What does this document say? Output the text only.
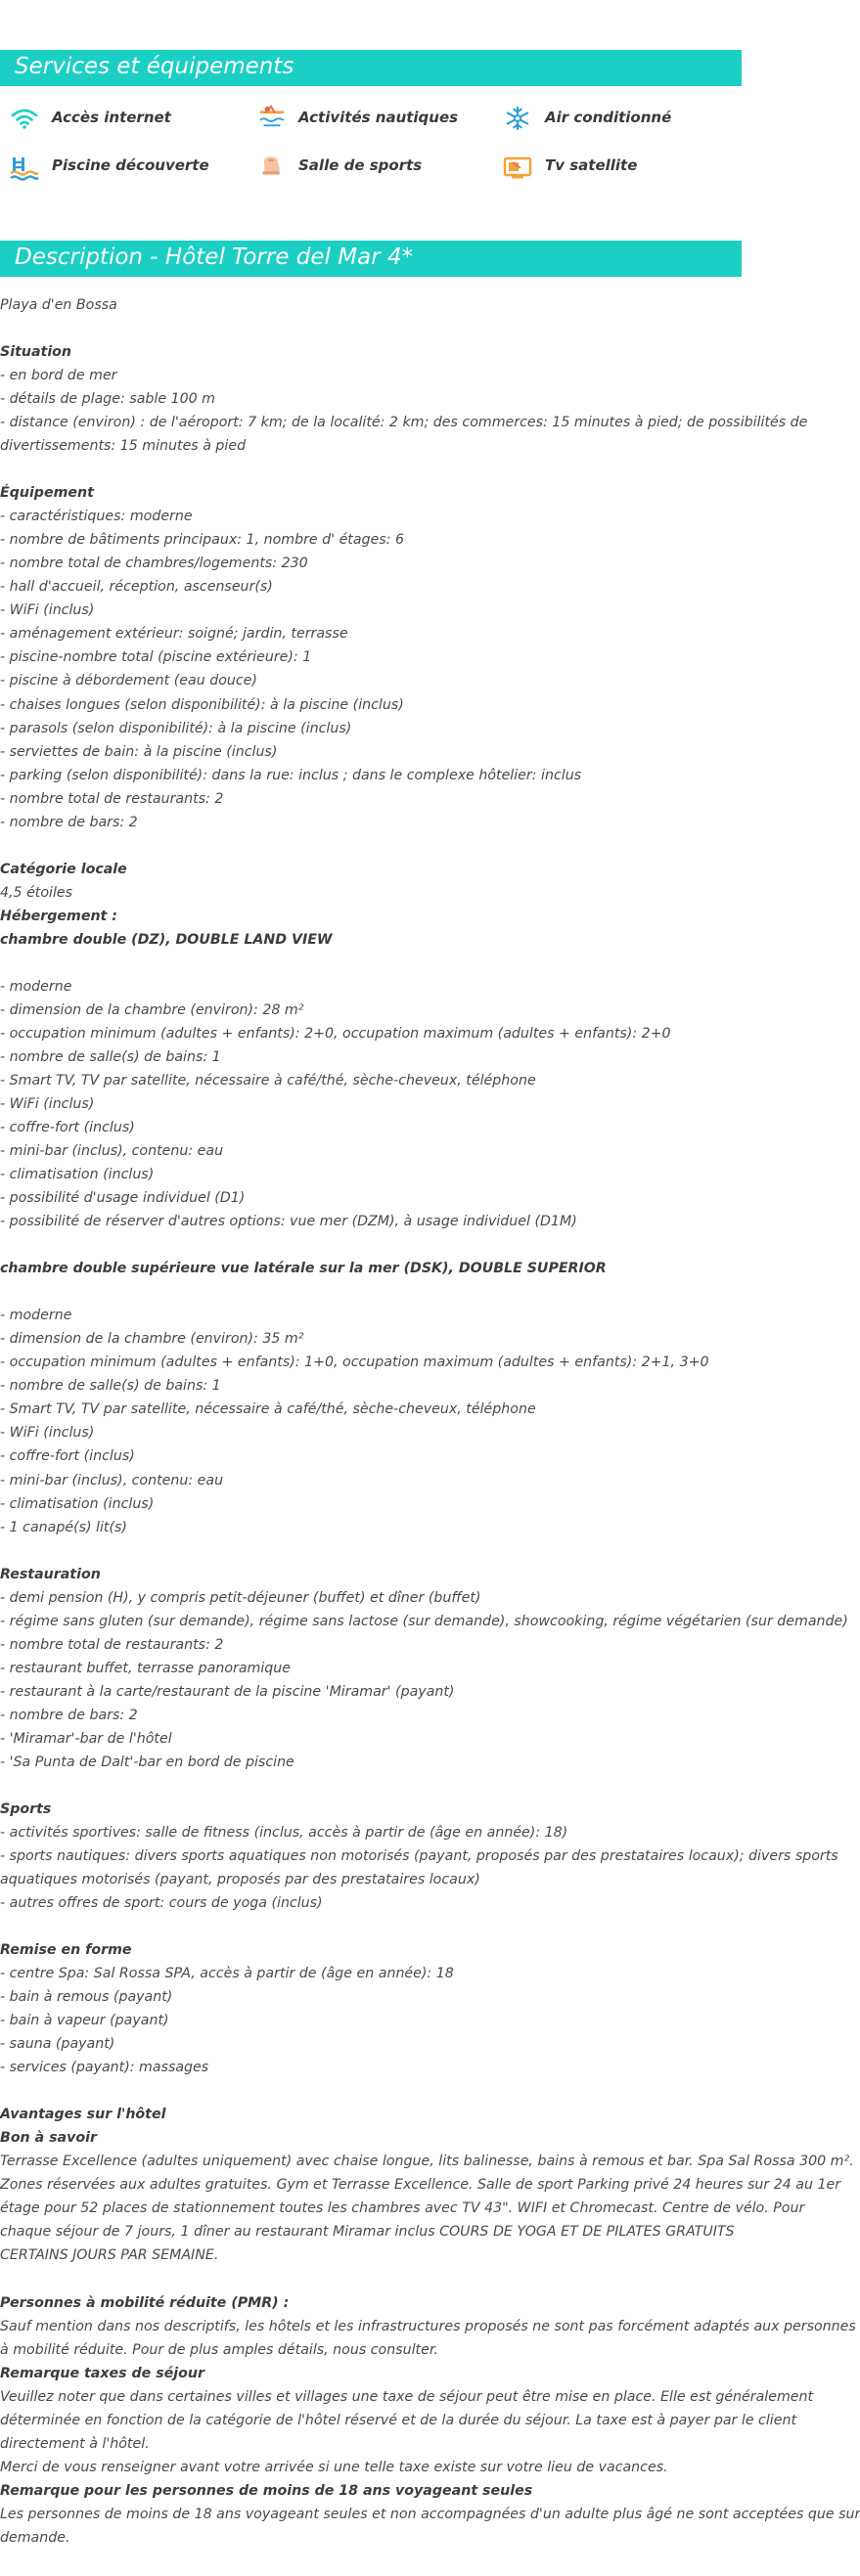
Services et équipements
Accès internet	Activités nautiques	Air conditionné
Piscine découverte	Salle de sports	Tv satellite
Description - Hôtel Torre del Mar 4*
Playa d'en Bossa
Situation
- en bord de mer
- détails de plage: sable 100 m
- distance (environ) : de l'aéroport: 7 km; de la localité: 2 km; des commerces: 15 minutes à pied; de possibilités de
divertissements: 15 minutes à pied
Équipement
- caractéristiques: moderne
- nombre de bâtiments principaux: 1, nombre d' étages: 6
- nombre total de chambres/logements: 230
- hall d'accueil, réception, ascenseur(s)
- WiFi (inclus)
- aménagement extérieur: soigné; jardin, terrasse
- piscine-nombre total (piscine extérieure): 1
- piscine à débordement (eau douce)
- chaises longues (selon disponibilité): à la piscine (inclus)
- parasols (selon disponibilité): à la piscine (inclus)
- serviettes de bain: à la piscine (inclus)
- parking (selon disponibilité): dans la rue: inclus ; dans le complexe hôtelier: inclus
- nombre total de restaurants: 2
- nombre de bars: 2
Catégorie locale
4,5 étoiles
Hébergement :
chambre double (DZ), DOUBLE LAND VIEW
- moderne
- dimension de la chambre (environ): 28 m²
- occupation minimum (adultes + enfants): 2+0, occupation maximum (adultes + enfants): 2+0
- nombre de salle(s) de bains: 1
- Smart TV, TV par satellite, nécessaire à café/thé, sèche-cheveux, téléphone
- WiFi (inclus)
- coffre-fort (inclus)
- mini-bar (inclus), contenu: eau
- climatisation (inclus)
- possibilité d'usage individuel (D1)
- possibilité de réserver d'autres options: vue mer (DZM), à usage individuel (D1M)
chambre double supérieure vue latérale sur la mer (DSK), DOUBLE SUPERIOR
- moderne
- dimension de la chambre (environ): 35 m²
- occupation minimum (adultes + enfants): 1+0, occupation maximum (adultes + enfants): 2+1, 3+0
- nombre de salle(s) de bains: 1
- Smart TV, TV par satellite, nécessaire à café/thé, sèche-cheveux, téléphone
- WiFi (inclus)
- coffre-fort (inclus)
- mini-bar (inclus), contenu: eau
- climatisation (inclus)
- 1 canapé(s) lit(s)
Restauration
- demi pension (H), y compris petit-déjeuner (buffet) et dîner (buffet)
- régime sans gluten (sur demande), régime sans lactose (sur demande), showcooking, régime végétarien (sur demande)
- nombre total de restaurants: 2
- restaurant buffet, terrasse panoramique
- restaurant à la carte/restaurant de la piscine 'Miramar' (payant)
- nombre de bars: 2
- 'Miramar'-bar de l'hôtel
- 'Sa Punta de Dalt'-bar en bord de piscine
Sports
- activités sportives: salle de fitness (inclus, accès à partir de (âge en année): 18)
- sports nautiques: divers sports aquatiques non motorisés (payant, proposés par des prestataires locaux); divers sports
aquatiques motorisés (payant, proposés par des prestataires locaux)
- autres offres de sport: cours de yoga (inclus)
Remise en forme
- centre Spa: Sal Rossa SPA, accès à partir de (âge en année): 18
- bain à remous (payant)
- bain à vapeur (payant)
- sauna (payant)
- services (payant): massages
Avantages sur l'hôtel
Bon à savoir
Terrasse Excellence (adultes uniquement) avec chaise longue, lits balinesse, bains à remous et bar. Spa Sal Rossa 300 m².
Zones réservées aux adultes gratuites. Gym et Terrasse Excellence. Salle de sport Parking privé 24 heures sur 24 au 1er
étage pour 52 places de stationnement toutes les chambres avec TV 43". WIFI et Chromecast. Centre de vélo. Pour
chaque séjour de 7 jours, 1 dîner au restaurant Miramar inclus COURS DE YOGA ET DE PILATES GRATUITS
CERTAINS JOURS PAR SEMAINE.
Personnes à mobilité réduite (PMR) :
Sauf mention dans nos descriptifs, les hôtels et les infrastructures proposés ne sont pas forcément adaptés aux personnes
à mobilité réduite. Pour de plus amples détails, nous consulter.
Remarque taxes de séjour
Veuillez noter que dans certaines villes et villages une taxe de séjour peut être mise en place. Elle est généralement
déterminée en fonction de la catégorie de l'hôtel réservé et de la durée du séjour. La taxe est à payer par le client
directement à l'hôtel.
Merci de vous renseigner avant votre arrivée si une telle taxe existe sur votre lieu de vacances.
Remarque pour les personnes de moins de 18 ans voyageant seules
Les personnes de moins de 18 ans voyageant seules et non accompagnées d'un adulte plus âgé ne sont acceptées que sur
demande.
